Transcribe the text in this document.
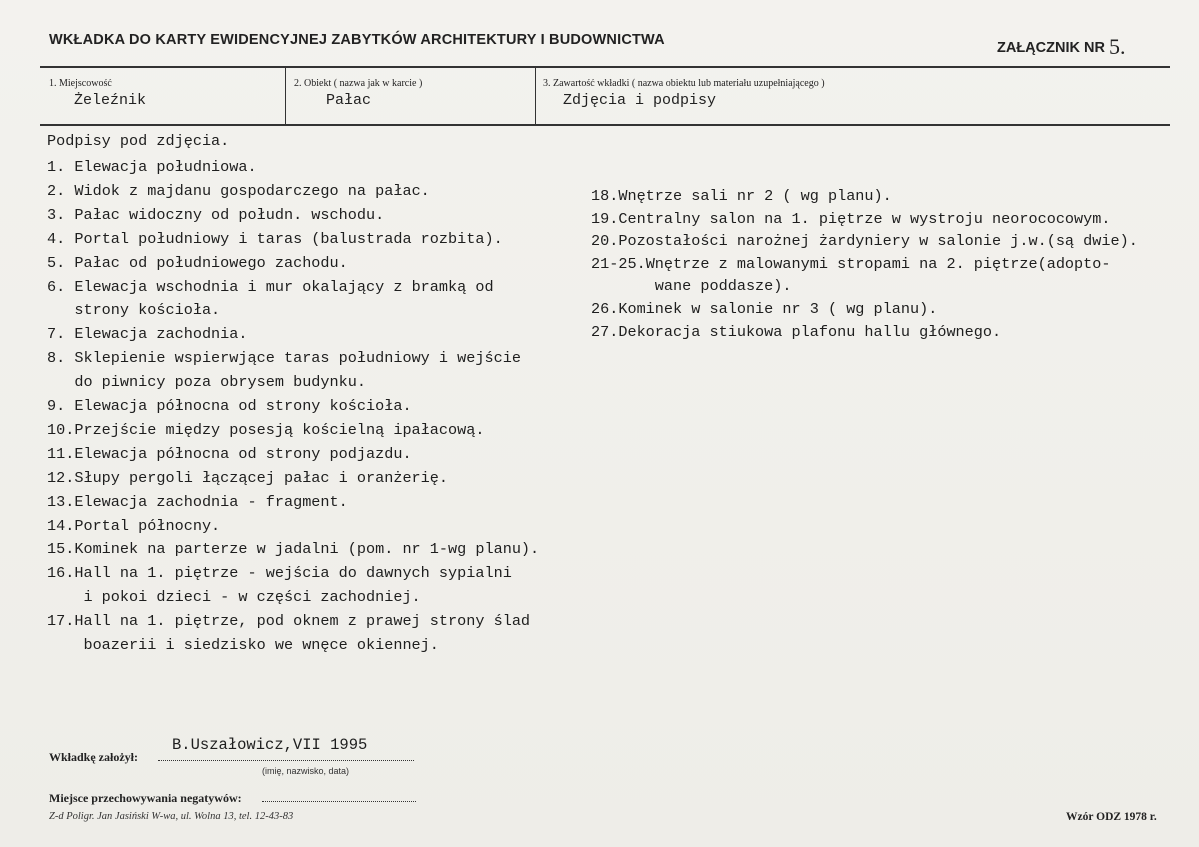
WKŁADKA DO KARTY EWIDENCYJNEJ ZABYTKÓW ARCHITEKTURY I BUDOWNICTWA	ZAŁĄCZNIK NR 5.
1. Miejscowość
Żeleźnik
2. Obiekt ( nazwa jak w karcie )
Pałac
3. Zawartość wkładki ( nazwa obiektu lub materiału uzupełniającego )
Zdjęcia i podpisy
Podpisy pod zdjęcia.
1. Elewacja południowa.
2. Widok z majdanu gospodarczego na pałac.
3. Pałac widoczny od połudn. wschodu.
4. Portal południowy i taras (balustrada rozbita).
5. Pałac od południowego zachodu.
6. Elewacja wschodnia i mur okalający z bramką od
strony kościoła.
7. Elewacja zachodnia.
8. Sklepienie wspierwjące taras południowy i wejście
do piwnicy poza obrysem budynku.
9. Elewacja północna od strony kościoła.
10.Przejście między posesją kościelną ipałacową.
11.Elewacja północna od strony podjazdu.
12.Słupy pergoli łączącej pałac i oranżerię.
13.Elewacja zachodnia - fragment.
14.Portal północny.
15.Kominek na parterze w jadalni (pom. nr 1-wg planu).
16.Hall na 1. piętrze - wejścia do dawnych sypialni
i pokoi dzieci - w części zachodniej.
17.Hall na 1. piętrze, pod oknem z prawej strony ślad
boazerii i siedzisko we wnęce okiennej.
18.Wnętrze sali nr 2 ( wg planu).
19.Centralny salon na 1. piętrze w wystroju neorococowym.
20.Pozostałości narożnej żardyniery w salonie j.w.(są dwie).
21-25.Wnętrze z malowanymi stropami na 2. piętrze(adopto-
wane poddasze).
26.Kominek w salonie nr 3 ( wg planu).
27.Dekoracja stiukowa plafonu hallu głównego.
B.Uszałowicz,VII 1995
Wkładkę założył:
(imię, nazwisko, data)
Miejsce przechowywania negatywów:
Z-d Poligr. Jan Jasiński W-wa, ul. Wolna 13, tel. 12-43-83	Wzór ODZ 1978 r.
